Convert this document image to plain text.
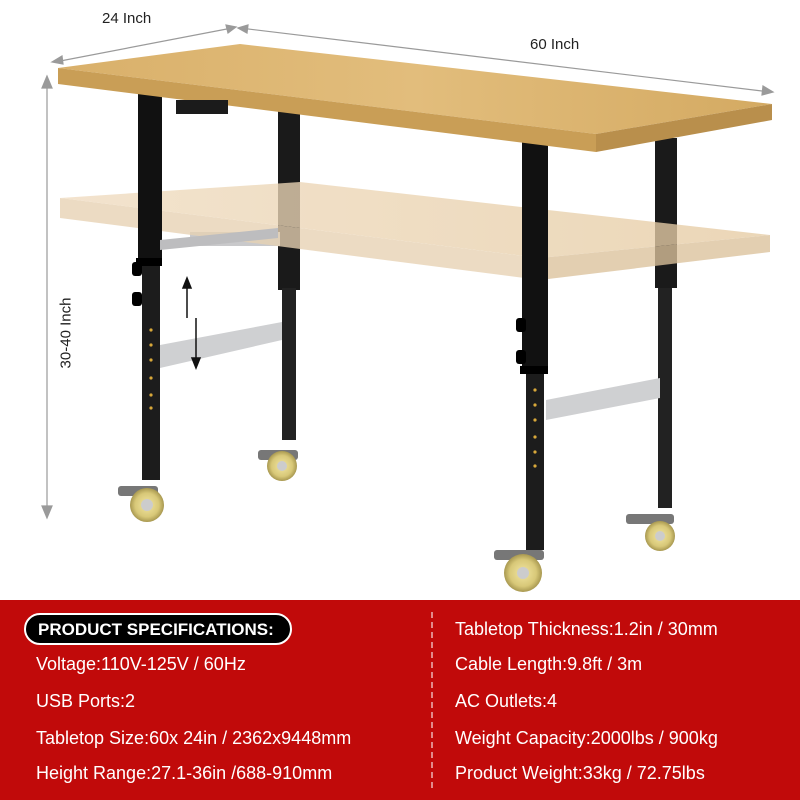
24 Inch
60 Inch
30-40 Inch
PRODUCT SPECIFICATIONS:
Voltage:110V-125V / 60Hz
USB Ports:2
Tabletop Size:60x 24in / 2362x9448mm
Height Range:27.1-36in /688-910mm
Tabletop Thickness:1.2in / 30mm
Cable Length:9.8ft / 3m
AC Outlets:4
Weight Capacity:2000lbs / 900kg
Product Weight:33kg / 72.75lbs
